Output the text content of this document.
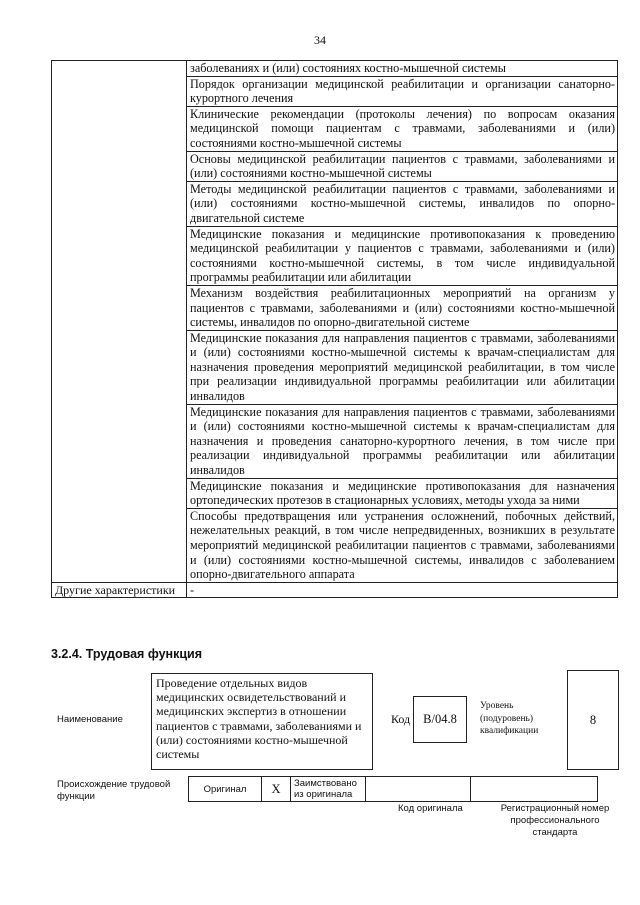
34
	заболеваниях и (или) состояниях костно-мышечной системы
	Порядок организации медицинской реабилитации и организации санаторно-курортного лечения
	Клинические рекомендации (протоколы лечения) по вопросам оказания медицинской помощи пациентам с травмами, заболеваниями и (или) состояниями костно-мышечной системы
	Основы медицинской реабилитации пациентов с травмами, заболеваниями и (или) состояниями костно-мышечной системы
	Методы медицинской реабилитации пациентов с травмами, заболеваниями и (или) состояниями костно-мышечной системы, инвалидов по опорно-двигательной системе
	Медицинские показания и медицинские противопоказания к проведению медицинской реабилитации у пациентов с травмами, заболеваниями и (или) состояниями костно-мышечной системы, в том числе индивидуальной программы реабилитации или абилитации
	Механизм воздействия реабилитационных мероприятий на организм у пациентов с травмами, заболеваниями и (или) состояниями костно-мышечной системы, инвалидов по опорно-двигательной системе
	Медицинские показания для направления пациентов с травмами, заболеваниями и (или) состояниями костно-мышечной системы к врачам-специалистам для назначения проведения мероприятий медицинской реабилитации, в том числе при реализации индивидуальной программы реабилитации или абилитации инвалидов
	Медицинские показания для направления пациентов с травмами, заболеваниями и (или) состояниями костно-мышечной системы к врачам-специалистам для назначения и проведения санаторно-курортного лечения, в том числе при реализации индивидуальной программы реабилитации или абилитации инвалидов
	Медицинские показания и медицинские противопоказания для назначения ортопедических протезов в стационарных условиях, методы ухода за ними
	Способы предотвращения или устранения осложнений, побочных действий, нежелательных реакций, в том числе непредвиденных, возникших в результате мероприятий медицинской реабилитации пациентов с травмами, заболеваниями и (или) состояниями костно-мышечной системы, инвалидов с заболеванием опорно-двигательного аппарата
Другие характеристики	-
3.2.4. Трудовая функция
Наименование
Проведение отдельных видов медицинских освидетельствований и медицинских экспертиз в отношении пациентов с травмами, заболеваниями и (или) состояниями костно-мышечной системы
Код	B/04.8
Уровень (подуровень) квалификации
8
Происхождение трудовой функции
Оригинал	X	Заимствовано из оригинала		
Код оригинала	Регистрационный номер профессионального стандарта
